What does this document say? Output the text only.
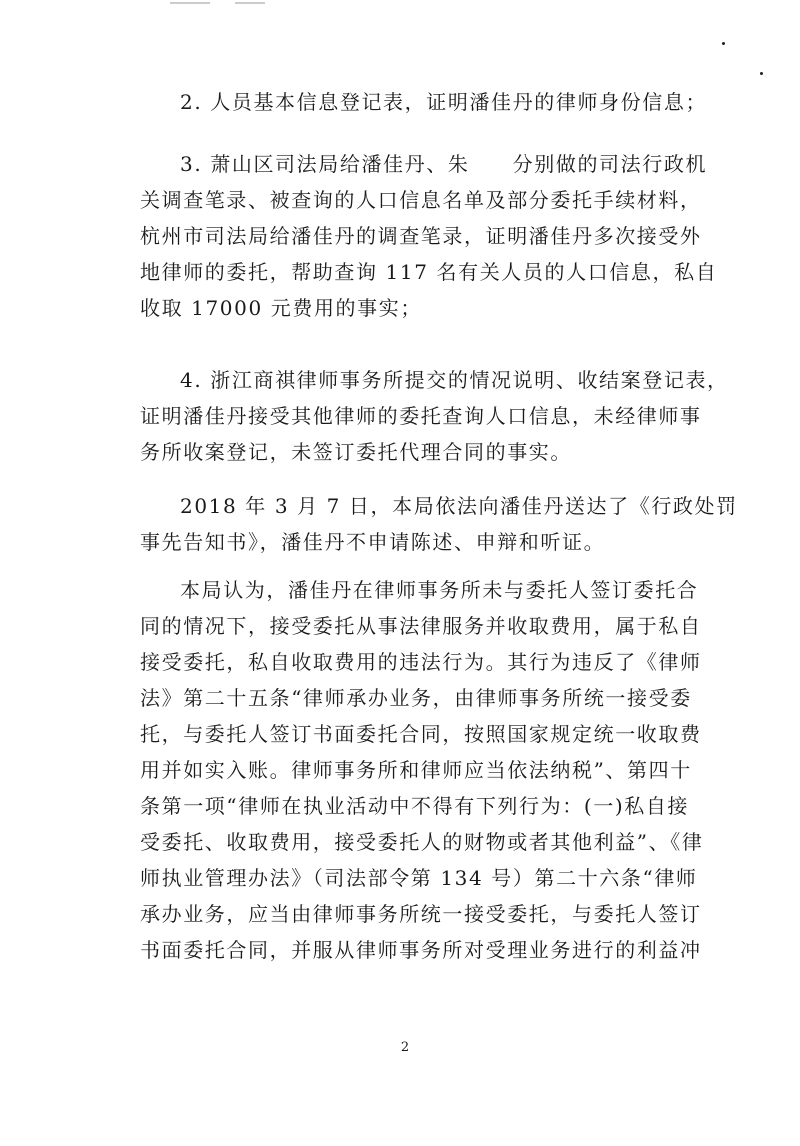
2. 人员基本信息登记表，证明潘佳丹的律师身份信息；
3. 萧山区司法局给潘佳丹、朱　　分别做的司法行政机
关调查笔录、被查询的人口信息名单及部分委托手续材料，
杭州市司法局给潘佳丹的调查笔录，证明潘佳丹多次接受外
地律师的委托，帮助查询 117 名有关人员的人口信息，私自
收取 17000 元费用的事实；
4. 浙江商祺律师事务所提交的情况说明、收结案登记表，
证明潘佳丹接受其他律师的委托查询人口信息，未经律师事
务所收案登记，未签订委托代理合同的事实。
2018 年 3 月 7 日，本局依法向潘佳丹送达了《行政处罚
事先告知书》，潘佳丹不申请陈述、申辩和听证。
本局认为，潘佳丹在律师事务所未与委托人签订委托合
同的情况下，接受委托从事法律服务并收取费用，属于私自
接受委托，私自收取费用的违法行为。其行为违反了《律师
法》第二十五条“律师承办业务，由律师事务所统一接受委
托，与委托人签订书面委托合同，按照国家规定统一收取费
用并如实入账。律师事务所和律师应当依法纳税”、第四十
条第一项“律师在执业活动中不得有下列行为：(一)私自接
受委托、收取费用，接受委托人的财物或者其他利益”、《律
师执业管理办法》（司法部令第 134 号）第二十六条“律师
承办业务，应当由律师事务所统一接受委托，与委托人签订
书面委托合同，并服从律师事务所对受理业务进行的利益冲
2
